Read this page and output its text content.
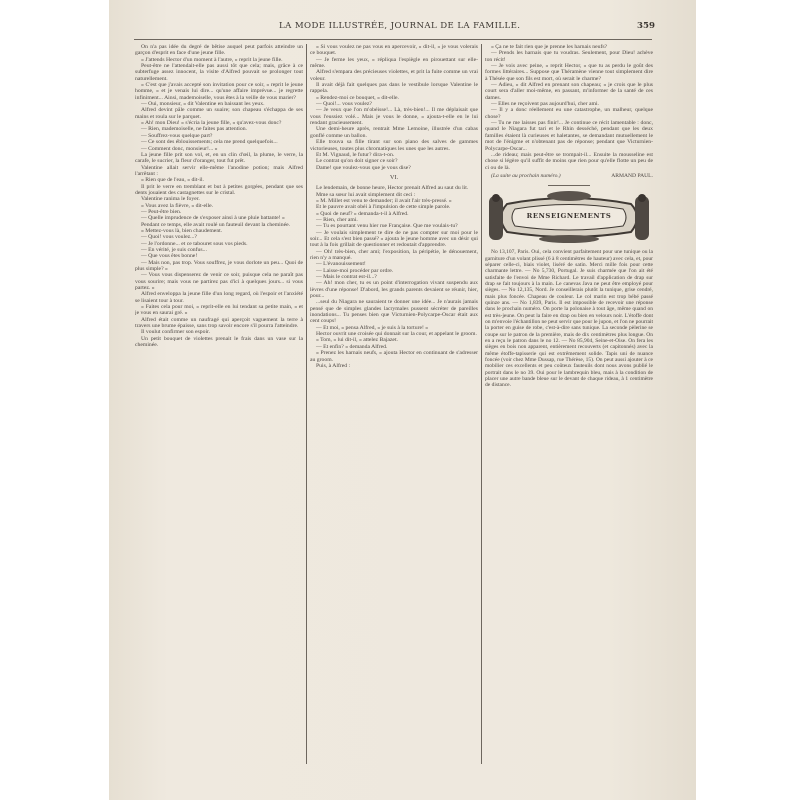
LA MODE ILLUSTRÉE, JOURNAL DE LA FAMILLE.	359

On n'a pas idée du degré de bêtise auquel peut parfois atteindre un garçon d'esprit en face d'une jeune fille.

« J'attends Hector d'un moment à l'autre, » reprit la jeune fille.

Peut-être ne l'attendait-elle pas aussi tôt que cela; mais, grâce à ce subterfuge assez innocent, la visite d'Alfred pouvait se prolonger tout naturellement.

« C'est que j'avais accepté son invitation pour ce soir, » reprit le jeune homme, « et je venais lui dire... qu'une affaire imprévue... je regrette infiniment... Ainsi, mademoiselle, vous êtes à la veille de vous marier?

— Oui, monsieur, » dit Valentine en baissant les yeux.

Alfred devint pâle comme un suaire; son chapeau s'échappa de ses mains et roula sur le parquet.

« Ah! mon Dieu! » s'écria la jeune fille, « qu'avez-vous donc?

— Rien, mademoiselle, ne faites pas attention.

— Souffrez-vous quelque part?

— Ce sont des éblouissements; cela me prend quelquefois...

— Comment donc, monsieur!... »

La jeune fille prit son vol, et, en un clin d'œil, la plume, le verre, la carafe, le sucrier, la fleur d'oranger, tout fut prêt.

Valentine allait servir elle-même l'anodine potion; mais Alfred l'arrêtant :

« Rien que de l'eau, » dit-il.

Il prit le verre en tremblant et but à petites gorgées, pendant que ses dents jouaient des castagnettes sur le cristal.

Valentine ranima le foyer.

« Vous avez la fièvre, » dit-elle.

— Peut-être bien.

— Quelle imprudence de s'exposer ainsi à une pluie battante! »

Pendant ce temps, elle avait roulé un fauteuil devant la cheminée.

« Mettez-vous là, bien chaudement.

— Quoi! vous voulez...?

— Je l'ordonne... et ce tabouret sous vos pieds.

— En vérité, je suis confus...

— Que vous êtes bonne!

— Mais non, pas trop. Vous souffrez, je vous dorlote un peu... Quoi de plus simple? »

— Vous vous dispenserez de venir ce soir, puisque cela ne paraît pas vous sourire; mais vous ne partirez pas d'ici à quelques jours... si vous partez. »

Alfred enveloppa la jeune fille d'un long regard, où l'espoir et l'anxiété se lisaient tour à tour.

« Faites cela pour moi, » reprit-elle en lui tendant sa petite main, « et je vous en saurai gré. »

Alfred était comme un naufragé qui aperçoit vaguement la terre à travers une brume épaisse, sans trop savoir encore s'il pourra l'atteindre.

Il voulut confirmer son espoir.

Un petit bouquet de violettes prenait le frais dans un vase sur la cheminée.

« Si vous voulez ne pas vous en apercevoir, » dit-il, « je vous volerais ce bouquet.

— Je ferme les yeux, » répliqua l'espiègle en pirouettant sur elle-même.

Alfred s'empara des précieuses violettes, et prit la fuite comme un vrai voleur.

Il avait déjà fait quelques pas dans le vestibule lorsque Valentine le rappela.

« Rendez-moi ce bouquet, » dit-elle.

— Quoi!... vous voulez?

— Je veux que l'on m'obéisse!... Là, très-bien!... Il me déplaisait que vous l'eussiez volé... Mais je vous le donne, » ajouta-t-elle en le lui rendant gracieusement.

Une demi-heure après, rentrait Mme Lemoine, illustrée d'un cabas gonflé comme un ballon.

Elle trouva sa fille tirant sur son piano des salves de gammes victorieuses, toutes plus chromatiques les unes que les autres.

Et M. Vignaud, le futur? dira-t-on.

Le contrat qu'on doit signer ce soir?

Dame! que voulez-vous que je vous dise?

VI.

Le lendemain, de bonne heure, Hector prenait Alfred au saut du lit.

Mme sa sœur lui avait simplement dit ceci :

« M. Millet est venu te demander; il avait l'air très-pressé. »

Et le pauvre avait obéi à l'impulsion de cette simple parole.

« Quoi de neuf? » demanda-t-il à Alfred.

— Rien, cher ami.

— Tu es pourtant venu hier rue Française. Que me voulais-tu?

— Je voulais simplement te dire de ne pas compter sur moi pour le soir... Et cela s'est bien passé? » ajouta le jeune homme avec un désir qui tout à la fois grillait de questionner et redoutait d'apprendre.

— Oh! très-bien, cher ami; l'exposition, la péripétie, le dénouement, rien n'y a manqué.

— L'évanouissement!

— Laisse-moi procéder par ordre.

— Mais le contrat est-il...?

— Ah! mon cher, tu es un point d'interrogation vivant suspendu aux lèvres d'une réponse! D'abord, les grands parents devaient se réunir, hier, pour...

...seul du Niagara ne sauraient te donner une idée... Je n'aurais jamais pensé que de simples glandes lacrymales pussent sécréter de pareilles inondations... Tu penses bien que Victurnien-Polycarpe-Oscar était aux cent coups!

— Et moi, » pensa Alfred, « je suis à la torture! »

Hector ouvrit une croisée qui donnait sur la cour, et appelant le groom.

« Tom, » lui dit-il, « attelez Bajazet.

— Et enfin? » demanda Alfred.

« Prenez les harnais neufs, » ajouta Hector en continuant de s'adresser au groom.

Puis, à Alfred :

« Ça ne te fait rien que je prenne les harnais neufs?

— Prends les harnais que tu voudras. Seulement, pour Dieu! achève ton récit!

— Je vois avec peine, » reprit Hector, « que tu as perdu le goût des formes littéraires... Suppose que Théramène vienne tout simplement dire à Thésée que son fils est mort, où serait le charme?

— Adieu, » dit Alfred en prenant son chapeau; « je crois que le plus court sera d'aller moi-même, en passant, m'informer de la santé de ces dames.

— Elles ne reçoivent pas aujourd'hui, cher ami.

— Il y a donc réellement eu une catastrophe, un malheur, quelque chose?

— Tu ne me laisses pas finir!... Je continue ce récit lamentable : donc, quand le Niagara fut tari et le Rhin desséché, pendant que les deux familles étaient là curieuses et haletantes, se demandant mutuellement le mot de l'énigme et n'obtenant pas de réponse; pendant que Victurnien-Polycarpe-Oscar...

...de rideau; mais peut-être se trompait-il... Ensuite la mousseline est chose si légère qu'il suffit de moins que rien pour qu'elle flotte un peu de ci ou de là.

(La suite au prochain numéro.)	ARMAND PAUL.
RENSEIGNEMENTS

No 13,107, Paris. Oui, cela convient parfaitement pour une tunique ou la garniture d'un volant plissé (6 à 8 centimètres de hauteur) avec cela, et, pour séparer celle-ci, biais violet, liséré de satin. Merci mille fois pour cette charmante lettre. — No 5,730, Portugal. Je suis charmée que l'on ait été satisfaite de l'envoi de Mme Richard. Le travail d'application de drap sur drap se fait toujours à la main. Le canevas Java ne peut être employé pour sièges. — No 12,135, Nord. Je conseillerais plutôt la tunique, grise cendré, mais plus foncée. Chapeau de couleur. Le col marin est trop bébé passé quinze ans. — No 1,839, Paris. Il est impossible de recevoir une réponse dans le prochain numéro. On porte la polonaise à tout âge, même quand on est très-jeune. On peut la faire en drap ou bien en velours noir. L'étoffe dont on m'envoie l'échantillon ne peut servir que pour le jupon, et l'on ne pourrait la porter en guise de robe, c'est-à-dire sans tunique. La seconde pèlerine se coupe sur le patron de la première, mais de dix centimètres plus longue. On en a reçu le patron dans le no 12. — No 85,904, Seine-et-Oise. On fera les sièges en bois non apparent, entièrement recouverts (et capitonnés) avec la même étoffe-tapisserie qui est extrêmement solide. Tapis uni de nuance foncée (voir chez Mme Dussap, rue Thérèse, 15). On peut aussi ajouter à ce mobilier ces excellents et peu coûteux fauteuils dont nous avons publié le portrait dans le no 39. Oui pour le lambrequin bleu, mais à la condition de placer une autre bande bleue sur le devant de chaque rideau, à 1 centimètre de distance.
